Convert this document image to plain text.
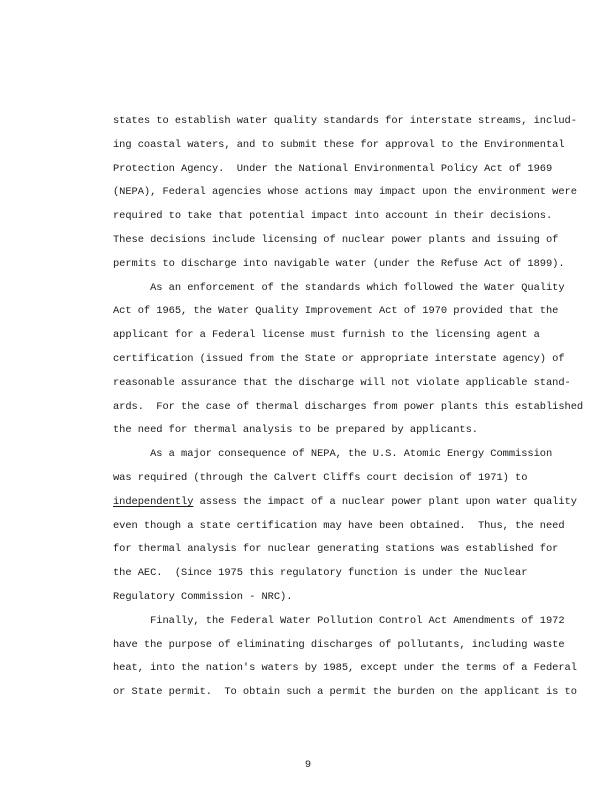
states to establish water quality standards for interstate streams, includ-
ing coastal waters, and to submit these for approval to the Environmental
Protection Agency.  Under the National Environmental Policy Act of 1969
(NEPA), Federal agencies whose actions may impact upon the environment were
required to take that potential impact into account in their decisions.
These decisions include licensing of nuclear power plants and issuing of
permits to discharge into navigable water (under the Refuse Act of 1899).
As an enforcement of the standards which followed the Water Quality
Act of 1965, the Water Quality Improvement Act of 1970 provided that the
applicant for a Federal license must furnish to the licensing agent a
certification (issued from the State or appropriate interstate agency) of
reasonable assurance that the discharge will not violate applicable stand-
ards.  For the case of thermal discharges from power plants this established
the need for thermal analysis to be prepared by applicants.
As a major consequence of NEPA, the U.S. Atomic Energy Commission
was required (through the Calvert Cliffs court decision of 1971) to
independently assess the impact of a nuclear power plant upon water quality
even though a state certification may have been obtained.  Thus, the need
for thermal analysis for nuclear generating stations was established for
the AEC.  (Since 1975 this regulatory function is under the Nuclear
Regulatory Commission - NRC).
Finally, the Federal Water Pollution Control Act Amendments of 1972
have the purpose of eliminating discharges of pollutants, including waste
heat, into the nation's waters by 1985, except under the terms of a Federal
or State permit.  To obtain such a permit the burden on the applicant is to
9
